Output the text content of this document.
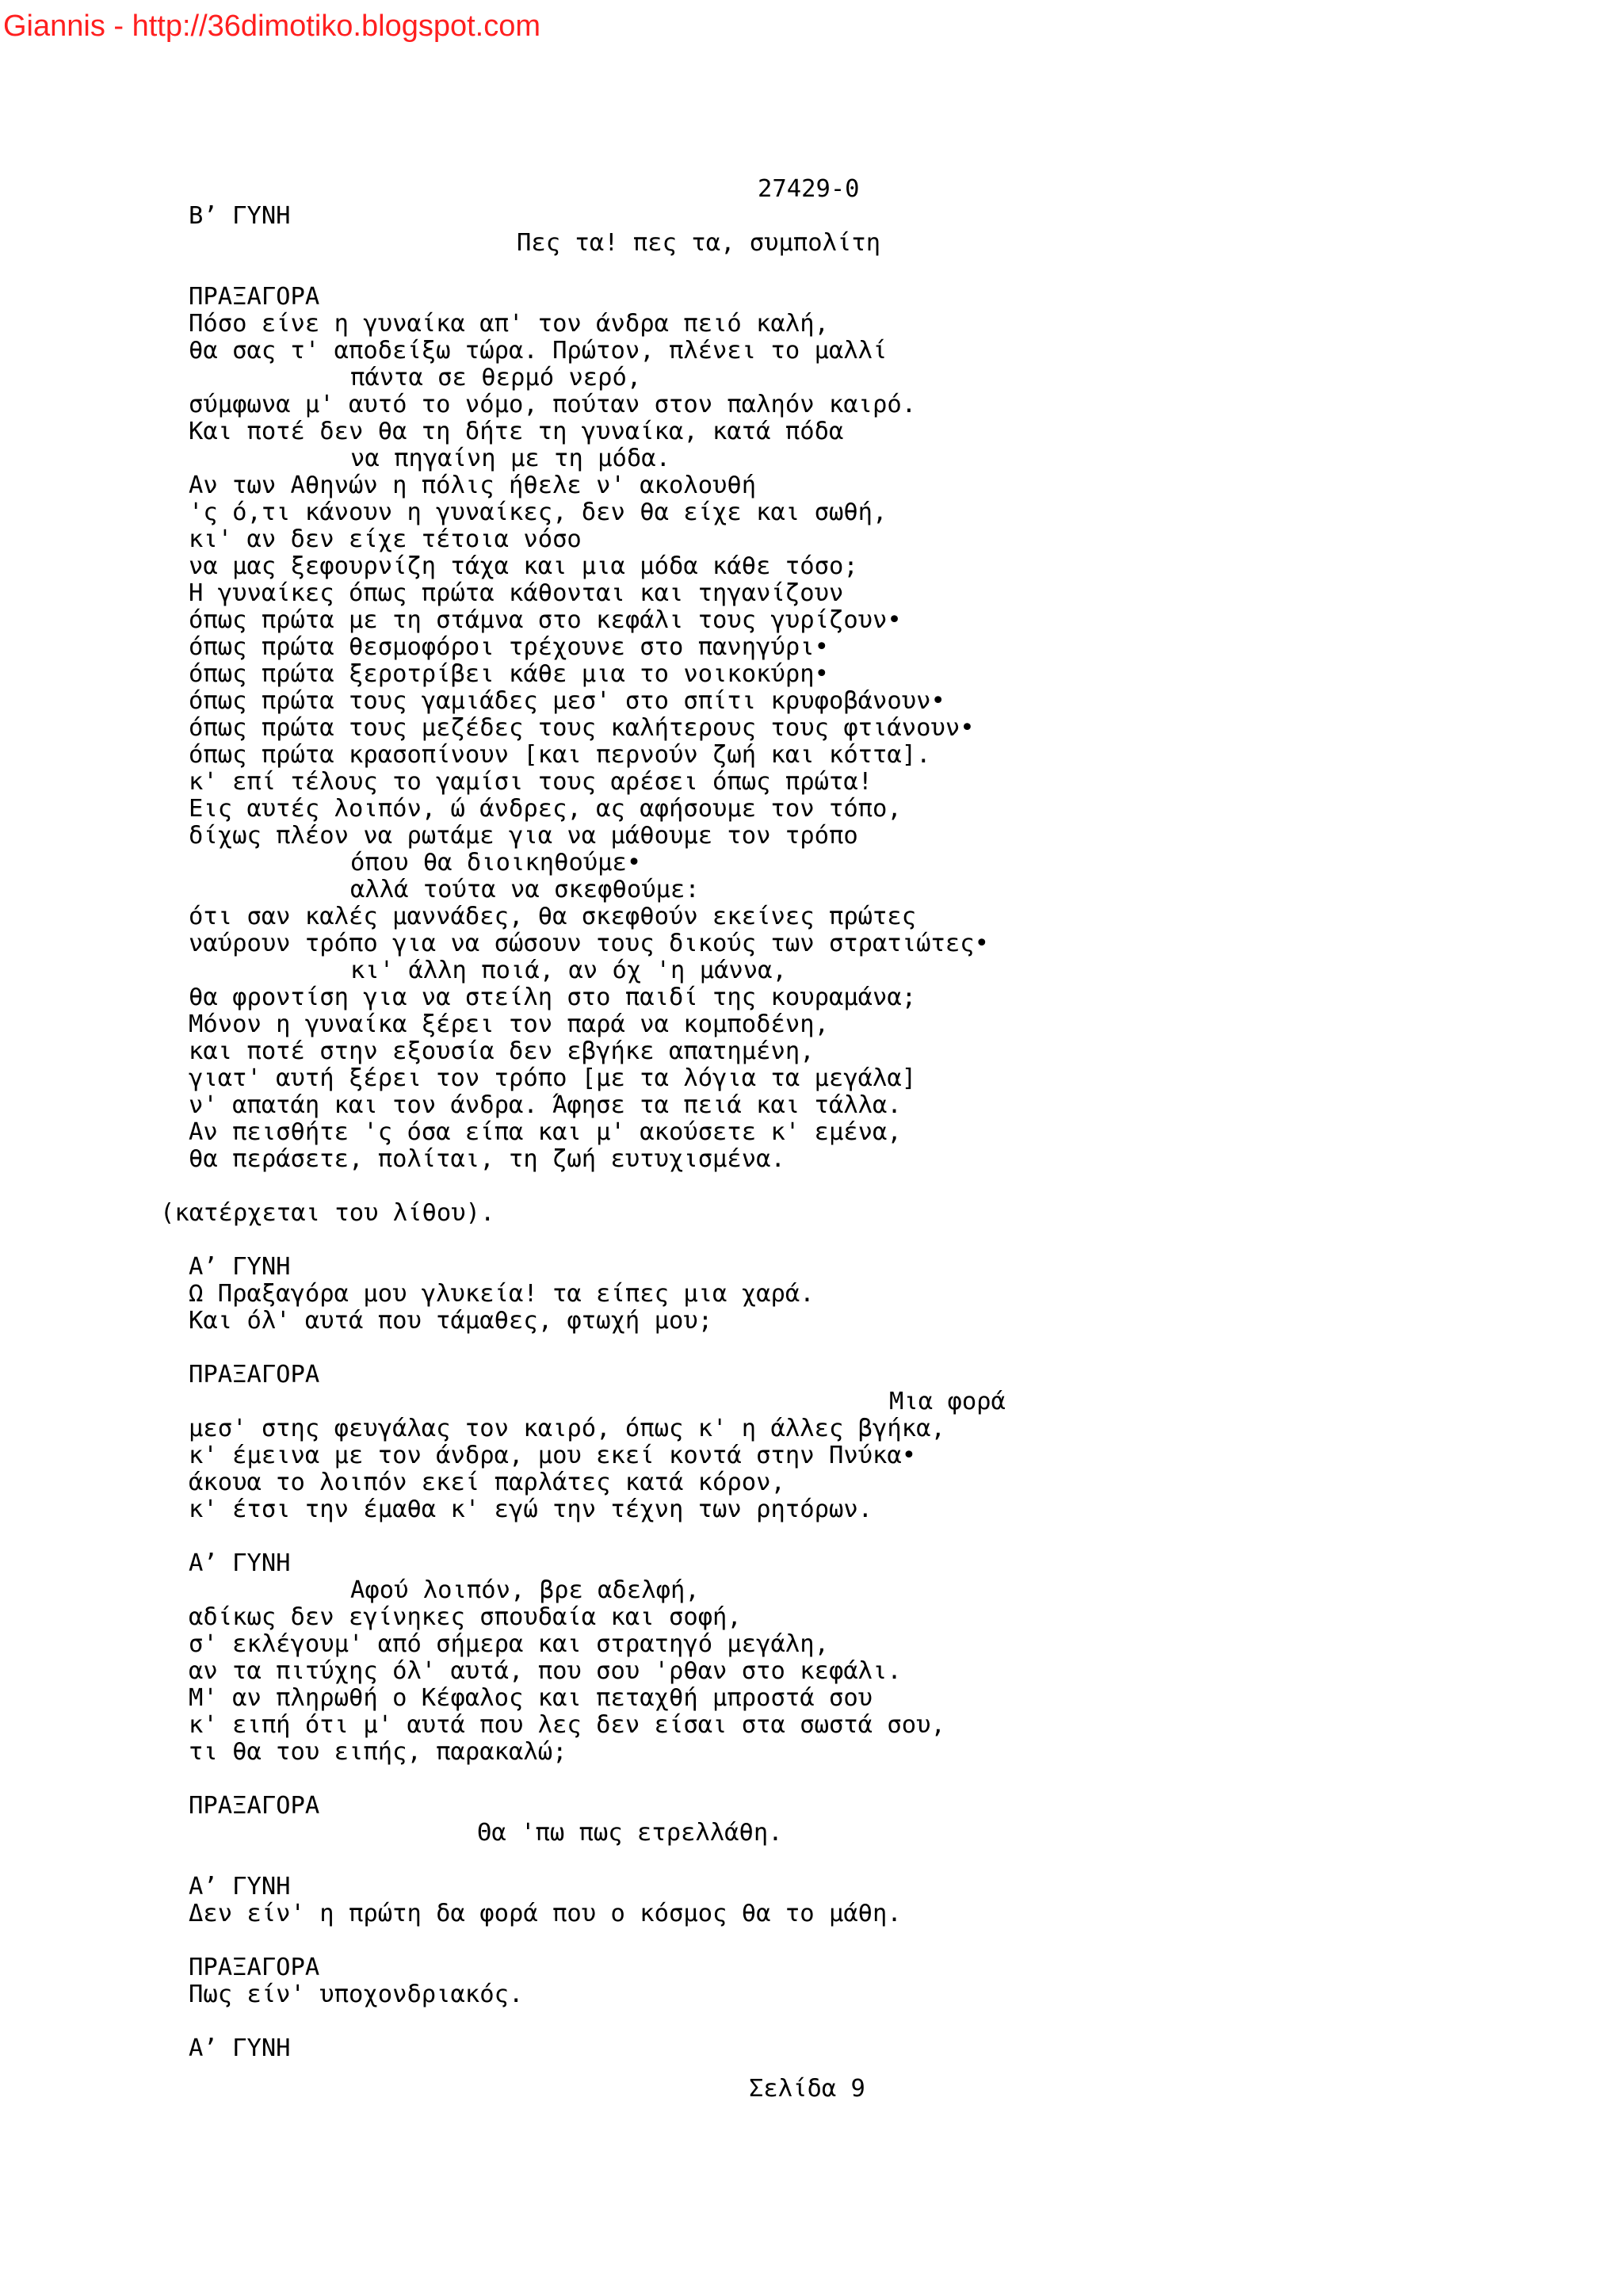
Giannis - http://36dimotiko.blogspot.com
27429-0
Β’ ΓΥΝΗ
Πες τα! πες τα, συμπολίτη
ΠΡΑΞΑΓΟΡΑ
Πόσο είνε η γυναίκα απ' τον άνδρα πειό καλή,
θα σας τ' αποδείξω τώρα. Πρώτον, πλένει το μαλλί
πάντα σε θερμό νερό,
σύμφωνα μ' αυτό το νόμο, πούταν στον παληόν καιρό.
Και ποτέ δεν θα τη δήτε τη γυναίκα, κατά πόδα
να πηγαίνη με τη μόδα.
Αν των Αθηνών η πόλις ήθελε ν' ακολουθή
'ς ό,τι κάνουν η γυναίκες, δεν θα είχε και σωθή,
κι' αν δεν είχε τέτοια νόσο
να μας ξεφουρνίζη τάχα και μια μόδα κάθε τόσο;
Η γυναίκες όπως πρώτα κάθονται και τηγανίζουν
όπως πρώτα με τη στάμνα στο κεφάλι τους γυρίζουν•
όπως πρώτα θεσμοφόροι τρέχουνε στο πανηγύρι•
όπως πρώτα ξεροτρίβει κάθε μια το νοικοκύρη•
όπως πρώτα τους γαμιάδες μεσ' στο σπίτι κρυφοβάνουν•
όπως πρώτα τους μεζέδες τους καλήτερους τους φτιάνουν•
όπως πρώτα κρασοπίνουν [και περνούν ζωή και κόττα].
κ' επί τέλους το γαμίσι τους αρέσει όπως πρώτα!
Εις αυτές λοιπόν, ώ άνδρες, ας αφήσουμε τον τόπο,
δίχως πλέον να ρωτάμε για να μάθουμε τον τρόπο
όπου θα διοικηθούμε•
αλλά τούτα να σκεφθούμε:
ότι σαν καλές μαννάδες, θα σκεφθούν εκείνες πρώτες
ναύρουν τρόπο για να σώσουν τους δικούς των στρατιώτες•
κι' άλλη ποιά, αν όχ 'η μάννα,
θα φροντίση για να στείλη στο παιδί της κουραμάνα;
Μόνον η γυναίκα ξέρει τον παρά να κομποδένη,
και ποτέ στην εξουσία δεν εβγήκε απατημένη,
γιατ' αυτή ξέρει τον τρόπο [με τα λόγια τα μεγάλα]
ν' απατάη και τον άνδρα. Άφησε τα πειά και τάλλα.
Αν πεισθήτε 'ς όσα είπα και μ' ακούσετε κ' εμένα,
θα περάσετε, πολίται, τη ζωή ευτυχισμένα.
(κατέρχεται του λίθου).
Α’ ΓΥΝΗ
Ω Πραξαγόρα μου γλυκεία! τα είπες μια χαρά.
Και όλ' αυτά που τάμαθες, φτωχή μου;
ΠΡΑΞΑΓΟΡΑ
Μια φορά
μεσ' στης φευγάλας τον καιρό, όπως κ' η άλλες βγήκα,
κ' έμεινα με τον άνδρα, μου εκεί κοντά στην Πνύκα•
άκουα το λοιπόν εκεί παρλάτες κατά κόρον,
κ' έτσι την έμαθα κ' εγώ την τέχνη των ρητόρων.
Α’ ΓΥΝΗ
Αφού λοιπόν, βρε αδελφή,
αδίκως δεν εγίνηκες σπουδαία και σοφή,
σ' εκλέγουμ' από σήμερα και στρατηγό μεγάλη,
αν τα πιτύχης όλ' αυτά, που σου 'ρθαν στο κεφάλι.
Μ' αν πληρωθή ο Κέφαλος και πεταχθή μπροστά σου
κ' ειπή ότι μ' αυτά που λες δεν είσαι στα σωστά σου,
τι θα του ειπής, παρακαλώ;
ΠΡΑΞΑΓΟΡΑ
Θα 'πω πως ετρελλάθη.
Α’ ΓΥΝΗ
Δεν είν' η πρώτη δα φορά που ο κόσμος θα το μάθη.
ΠΡΑΞΑΓΟΡΑ
Πως είν' υποχονδριακός.
Α’ ΓΥΝΗ
Σελίδα 9
